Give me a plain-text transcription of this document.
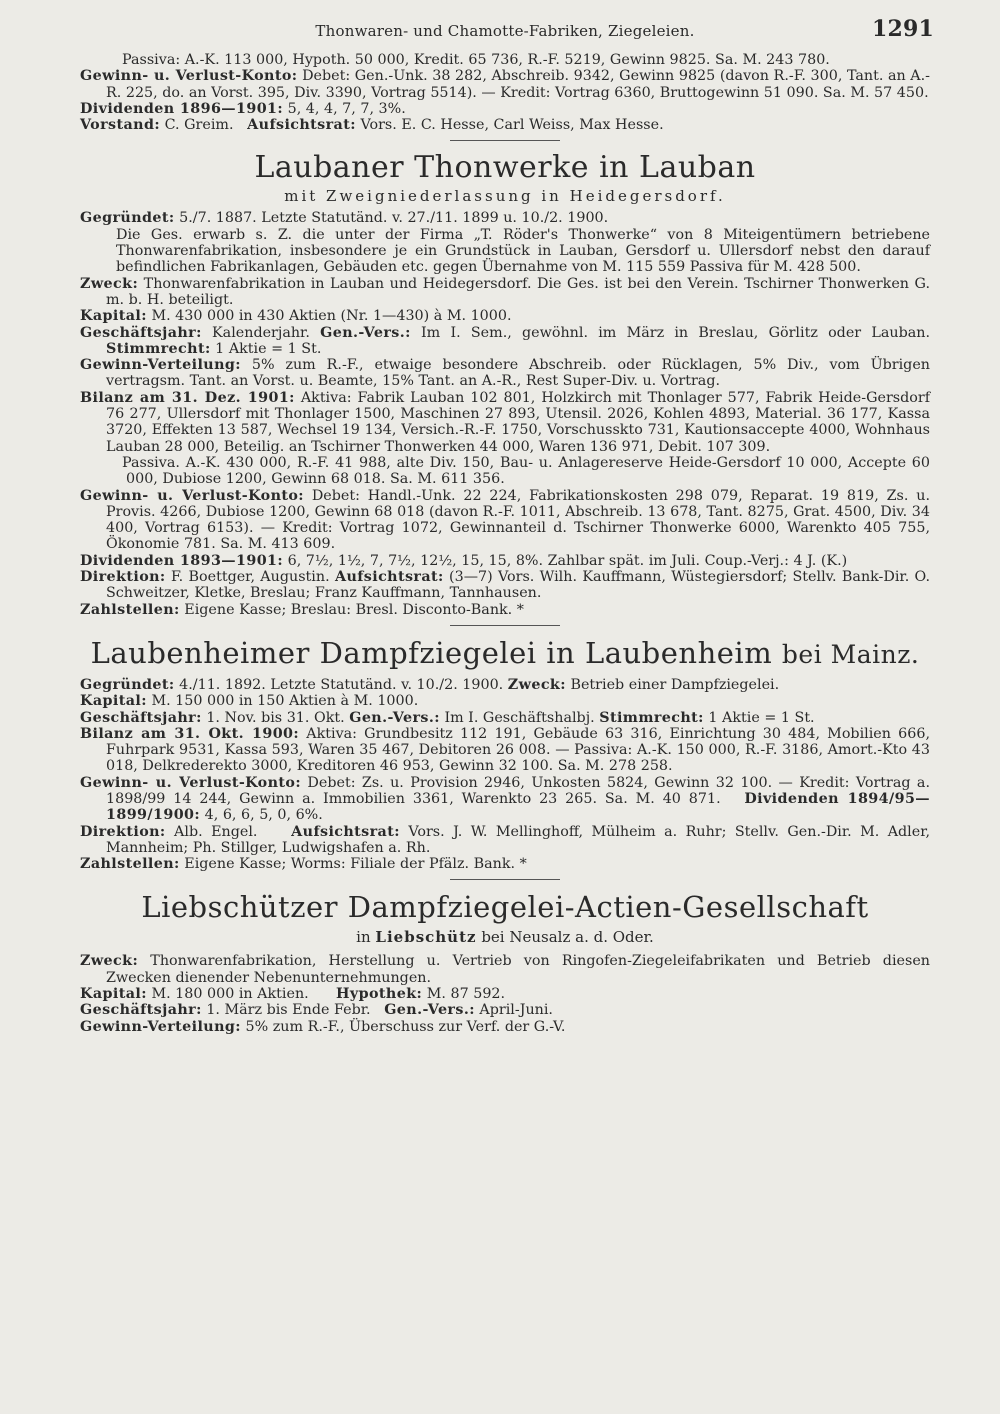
Thonwaren- und Chamotte-Fabriken, Ziegeleien.	1291

Passiva: A.-K. 113 000, Hypoth. 50 000, Kredit. 65 736, R.-F. 5219, Gewinn 9825. Sa. M. 243 780.

Gewinn- u. Verlust-Konto: Debet: Gen.-Unk. 38 282, Abschreib. 9342, Gewinn 9825 (davon R.-F. 300, Tant. an A.-R. 225, do. an Vorst. 395, Div. 3390, Vortrag 5514). — Kredit: Vortrag 6360, Bruttogewinn 51 090. Sa. M. 57 450.

Dividenden 1896—1901: 5, 4, 4, 7, 7, 3%.

Vorstand: C. Greim. Aufsichtsrat: Vors. E. C. Hesse, Carl Weiss, Max Hesse.

Laubaner Thonwerke in Lauban
mit Zweigniederlassung in Heidegersdorf.

Gegründet: 5./7. 1887. Letzte Statutänd. v. 27./11. 1899 u. 10./2. 1900.

Die Ges. erwarb s. Z. die unter der Firma „T. Röder's Thonwerke“ von 8 Miteigentümern betriebene Thonwarenfabrikation, insbesondere je ein Grundstück in Lauban, Gersdorf u. Ullersdorf nebst den darauf befindlichen Fabrikanlagen, Gebäuden etc. gegen Übernahme von M. 115 559 Passiva für M. 428 500.

Zweck: Thonwarenfabrikation in Lauban und Heidegersdorf. Die Ges. ist bei den Verein. Tschirner Thonwerken G. m. b. H. beteiligt.

Kapital: M. 430 000 in 430 Aktien (Nr. 1—430) à M. 1000.

Geschäftsjahr: Kalenderjahr. Gen.-Vers.: Im I. Sem., gewöhnl. im März in Breslau, Görlitz oder Lauban. Stimmrecht: 1 Aktie = 1 St.

Gewinn-Verteilung: 5% zum R.-F., etwaige besondere Abschreib. oder Rücklagen, 5% Div., vom Übrigen vertragsm. Tant. an Vorst. u. Beamte, 15% Tant. an A.-R., Rest Super-Div. u. Vortrag.

Bilanz am 31. Dez. 1901: Aktiva: Fabrik Lauban 102 801, Holzkirch mit Thonlager 577, Fabrik Heide-Gersdorf 76 277, Ullersdorf mit Thonlager 1500, Maschinen 27 893, Utensil. 2026, Kohlen 4893, Material. 36 177, Kassa 3720, Effekten 13 587, Wechsel 19 134, Versich.-R.-F. 1750, Vorschusskto 731, Kautionsaccepte 4000, Wohnhaus Lauban 28 000, Beteilig. an Tschirner Thonwerken 44 000, Waren 136 971, Debit. 107 309.

Passiva. A.-K. 430 000, R.-F. 41 988, alte Div. 150, Bau- u. Anlagereserve Heide-Gersdorf 10 000, Accepte 60 000, Dubiose 1200, Gewinn 68 018. Sa. M. 611 356.

Gewinn- u. Verlust-Konto: Debet: Handl.-Unk. 22 224, Fabrikationskosten 298 079, Reparat. 19 819, Zs. u. Provis. 4266, Dubiose 1200, Gewinn 68 018 (davon R.-F. 1011, Abschreib. 13 678, Tant. 8275, Grat. 4500, Div. 34 400, Vortrag 6153). — Kredit: Vortrag 1072, Gewinnanteil d. Tschirner Thonwerke 6000, Warenkto 405 755, Ökonomie 781. Sa. M. 413 609.

Dividenden 1893—1901: 6, 7½, 1½, 7, 7½, 12½, 15, 15, 8%. Zahlbar spät. im Juli. Coup.-Verj.: 4 J. (K.)

Direktion: F. Boettger, Augustin. Aufsichtsrat: (3—7) Vors. Wilh. Kauffmann, Wüstegiersdorf; Stellv. Bank-Dir. O. Schweitzer, Kletke, Breslau; Franz Kauffmann, Tannhausen.

Zahlstellen: Eigene Kasse; Breslau: Bresl. Disconto-Bank. *

Laubenheimer Dampfziegelei in Laubenheim bei Mainz.

Gegründet: 4./11. 1892. Letzte Statutänd. v. 10./2. 1900. Zweck: Betrieb einer Dampfziegelei.

Kapital: M. 150 000 in 150 Aktien à M. 1000.

Geschäftsjahr: 1. Nov. bis 31. Okt. Gen.-Vers.: Im I. Geschäftshalbj. Stimmrecht: 1 Aktie = 1 St.

Bilanz am 31. Okt. 1900: Aktiva: Grundbesitz 112 191, Gebäude 63 316, Einrichtung 30 484, Mobilien 666, Fuhrpark 9531, Kassa 593, Waren 35 467, Debitoren 26 008. — Passiva: A.-K. 150 000, R.-F. 3186, Amort.-Kto 43 018, Delkrederekto 3000, Kreditoren 46 953, Gewinn 32 100. Sa. M. 278 258.

Gewinn- u. Verlust-Konto: Debet: Zs. u. Provision 2946, Unkosten 5824, Gewinn 32 100. — Kredit: Vortrag a. 1898/99 14 244, Gewinn a. Immobilien 3361, Warenkto 23 265. Sa. M. 40 871. Dividenden 1894/95—1899/1900: 4, 6, 6, 5, 0, 6%.

Direktion: Alb. Engel. Aufsichtsrat: Vors. J. W. Mellinghoff, Mülheim a. Ruhr; Stellv. Gen.-Dir. M. Adler, Mannheim; Ph. Stillger, Ludwigshafen a. Rh.

Zahlstellen: Eigene Kasse; Worms: Filiale der Pfälz. Bank. *

Liebschützer Dampfziegelei-Actien-Gesellschaft
in Liebschütz bei Neusalz a. d. Oder.

Zweck: Thonwarenfabrikation, Herstellung u. Vertrieb von Ringofen-Ziegeleifabrikaten und Betrieb diesen Zwecken dienender Nebenunternehmungen.

Kapital: M. 180 000 in Aktien. Hypothek: M. 87 592.

Geschäftsjahr: 1. März bis Ende Febr. Gen.-Vers.: April-Juni.

Gewinn-Verteilung: 5% zum R.-F., Überschuss zur Verf. der G.-V.
